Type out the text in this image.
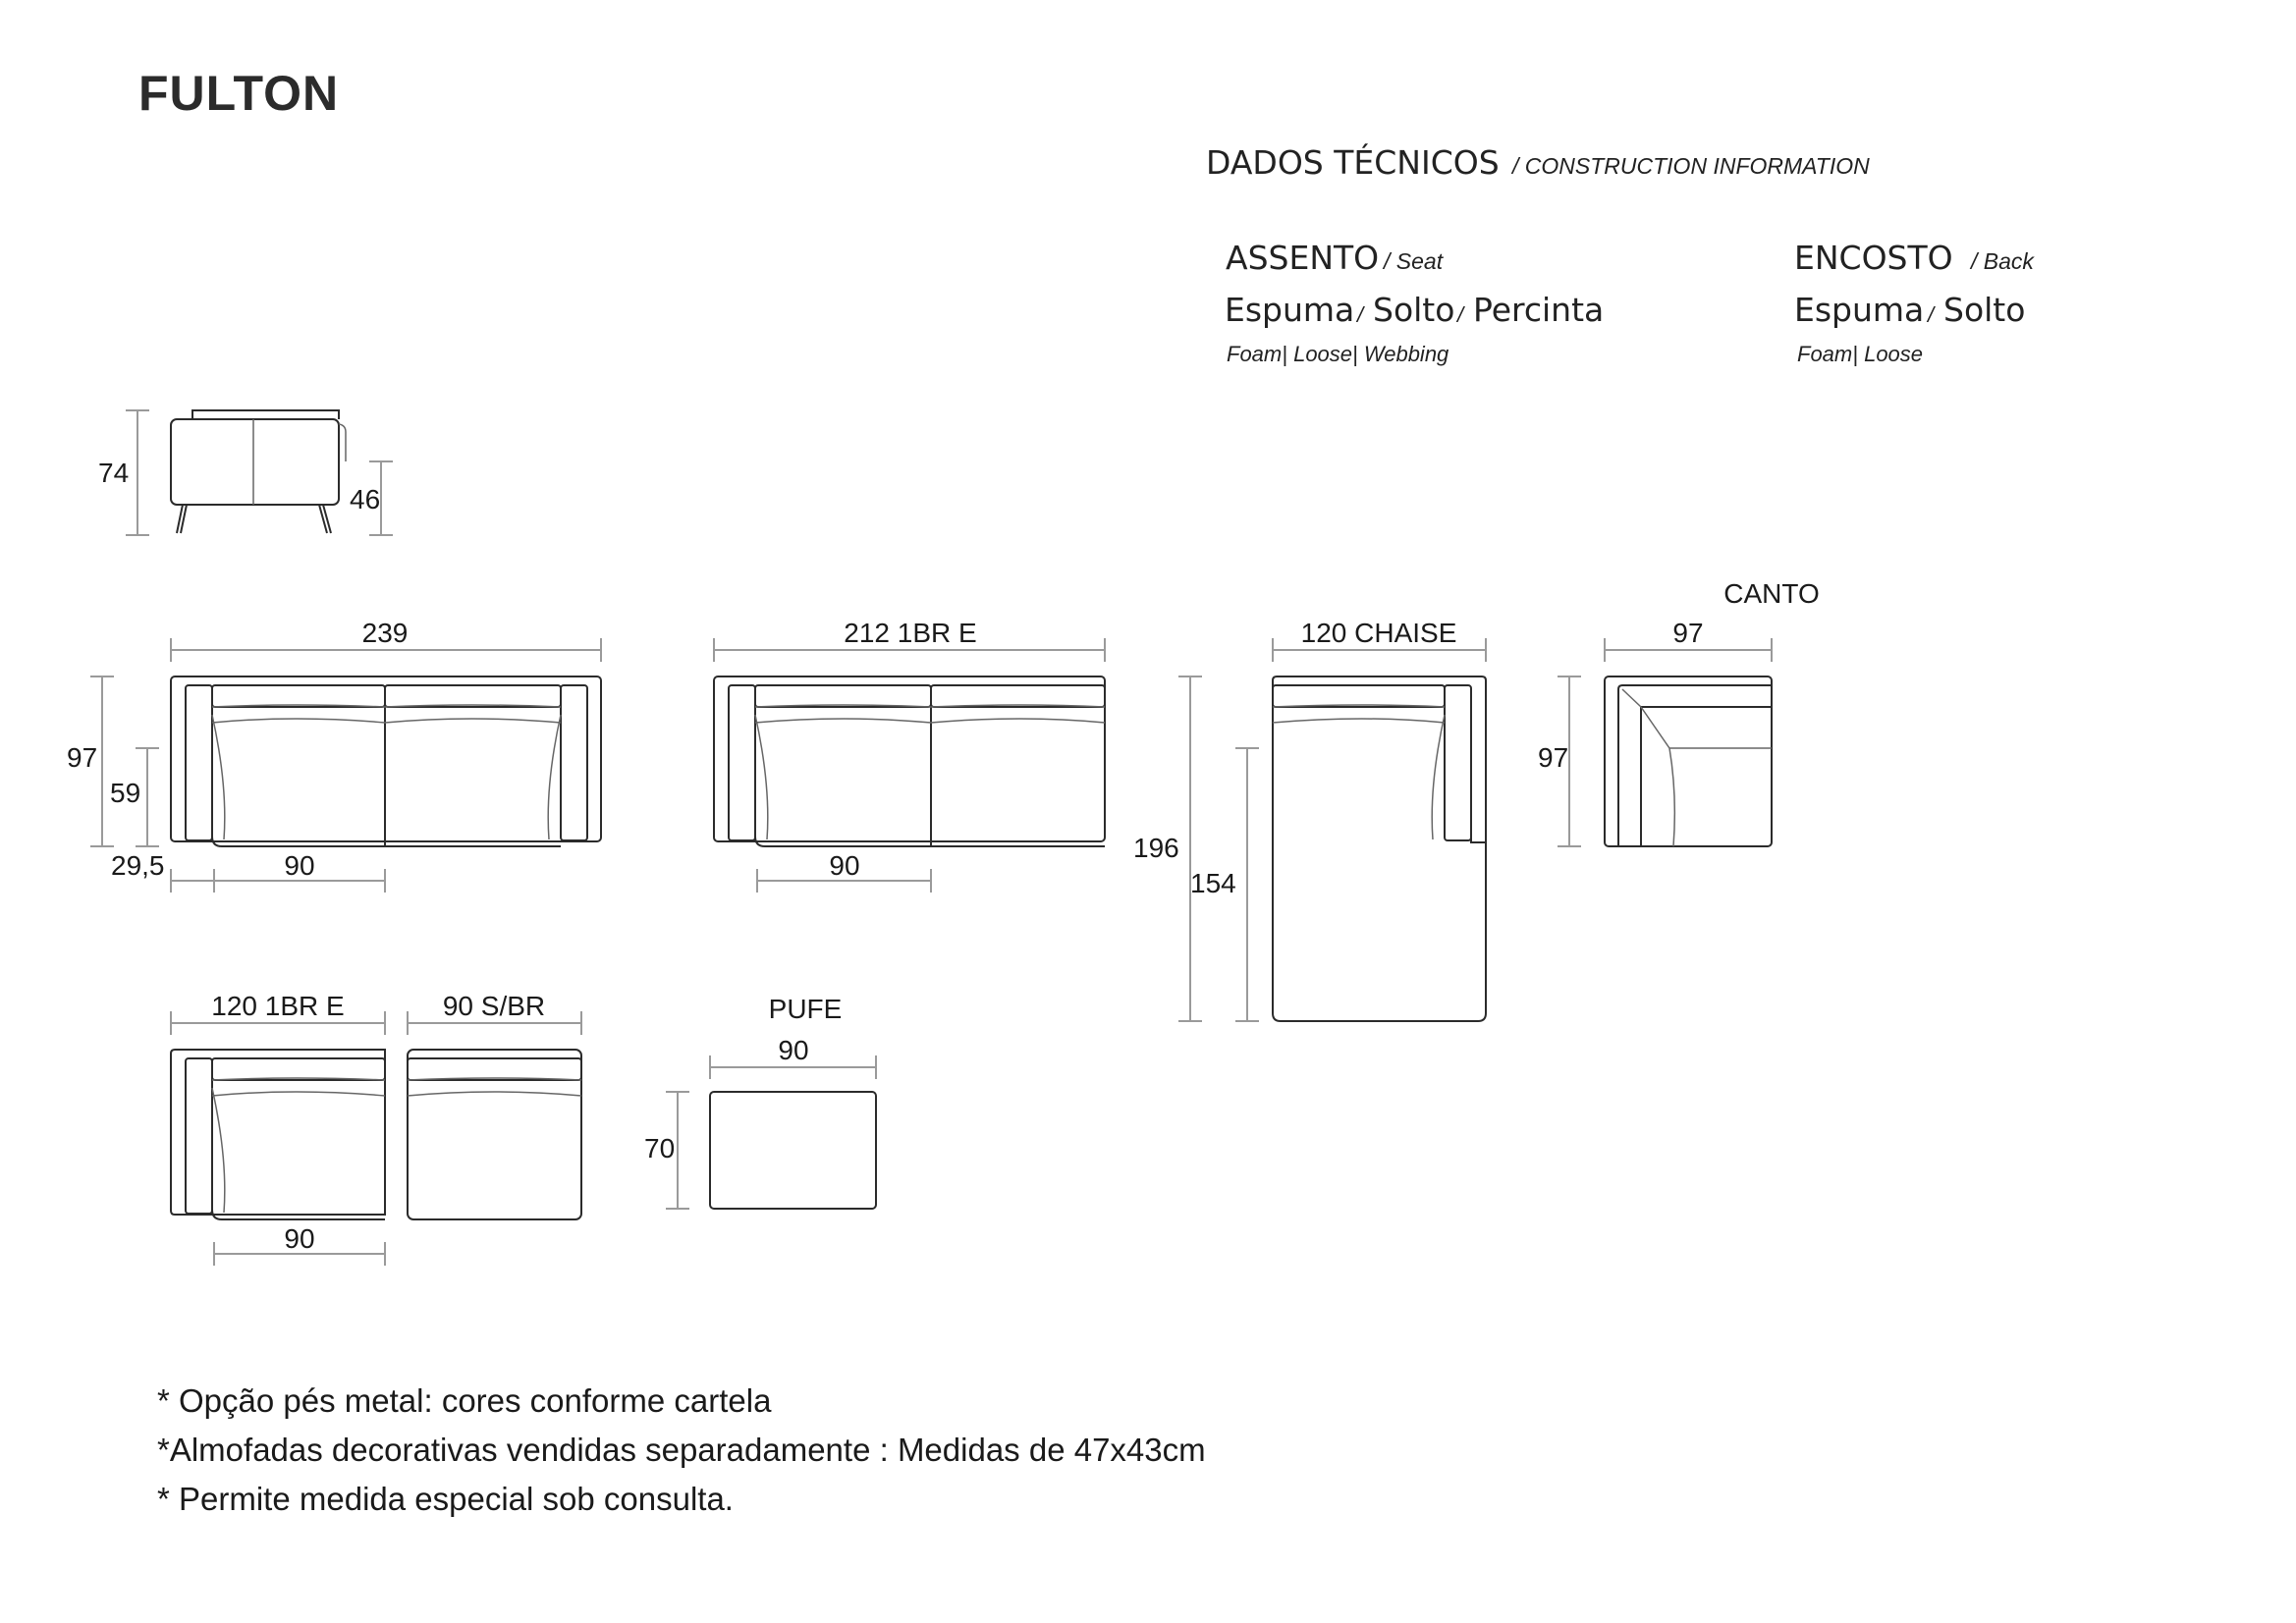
FULTON
DADOS TÉCNICOS / CONSTRUCTION INFORMATION
ASSENTO / Seat
Espuma / Solto / Percinta
Foam| Loose| Webbing
ENCOSTO / Back
Espuma / Solto
Foam| Loose
74
46
239
97
59
29,5	90
212 1BR E
90
120 CHAISE
196
154
CANTO
97
97
120 1BR E
90
90 S/BR	PUFE
90
70
* Opção pés metal: cores conforme cartela
*Almofadas decorativas vendidas separadamente : Medidas de 47x43cm
* Permite medida especial sob consulta.
